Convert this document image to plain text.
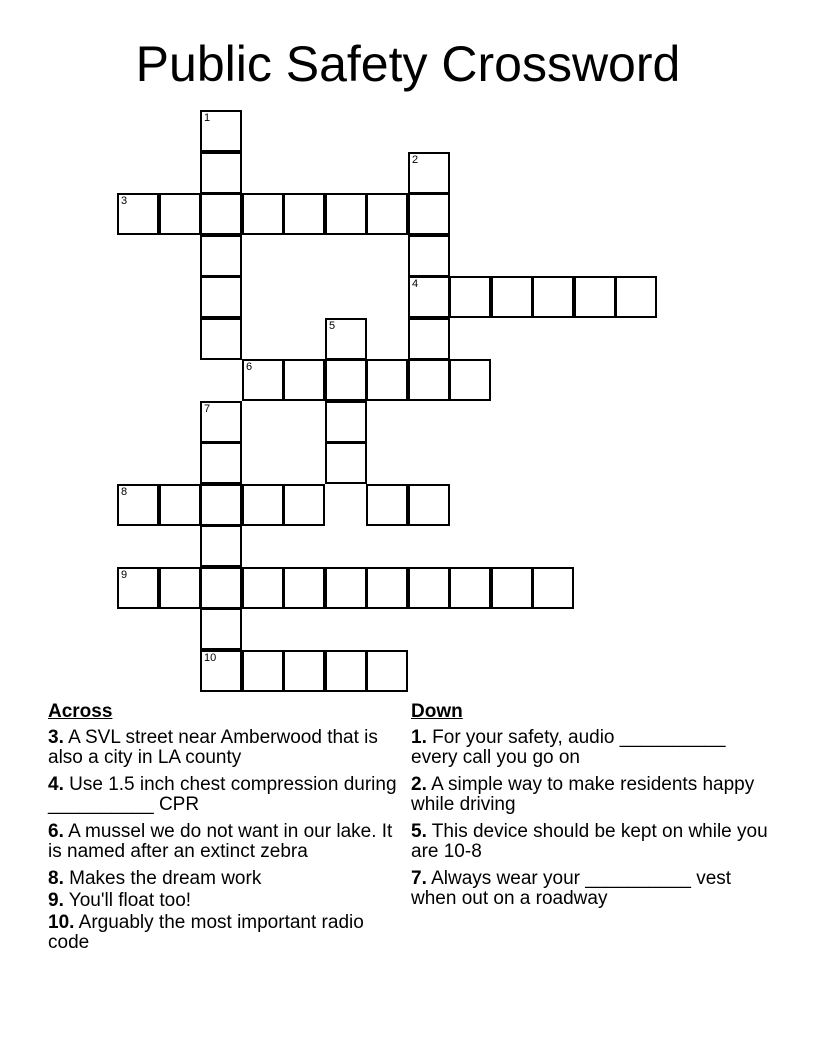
Public Safety Crossword
1
7
10
2
4
3
5
6
8
9
Across
3. A SVL street near Amberwood that is also a city in LA county
4. Use 1.5 inch chest compression during __________ CPR
6. A mussel we do not want in our lake. It is named after an extinct zebra
8. Makes the dream work
9. You'll float too!
10. Arguably the most important radio code
Down
1. For your safety, audio __________ every call you go on
2. A simple way to make residents happy while driving
5. This device should be kept on while you are 10-8
7. Always wear your __________ vest when out on a roadway
